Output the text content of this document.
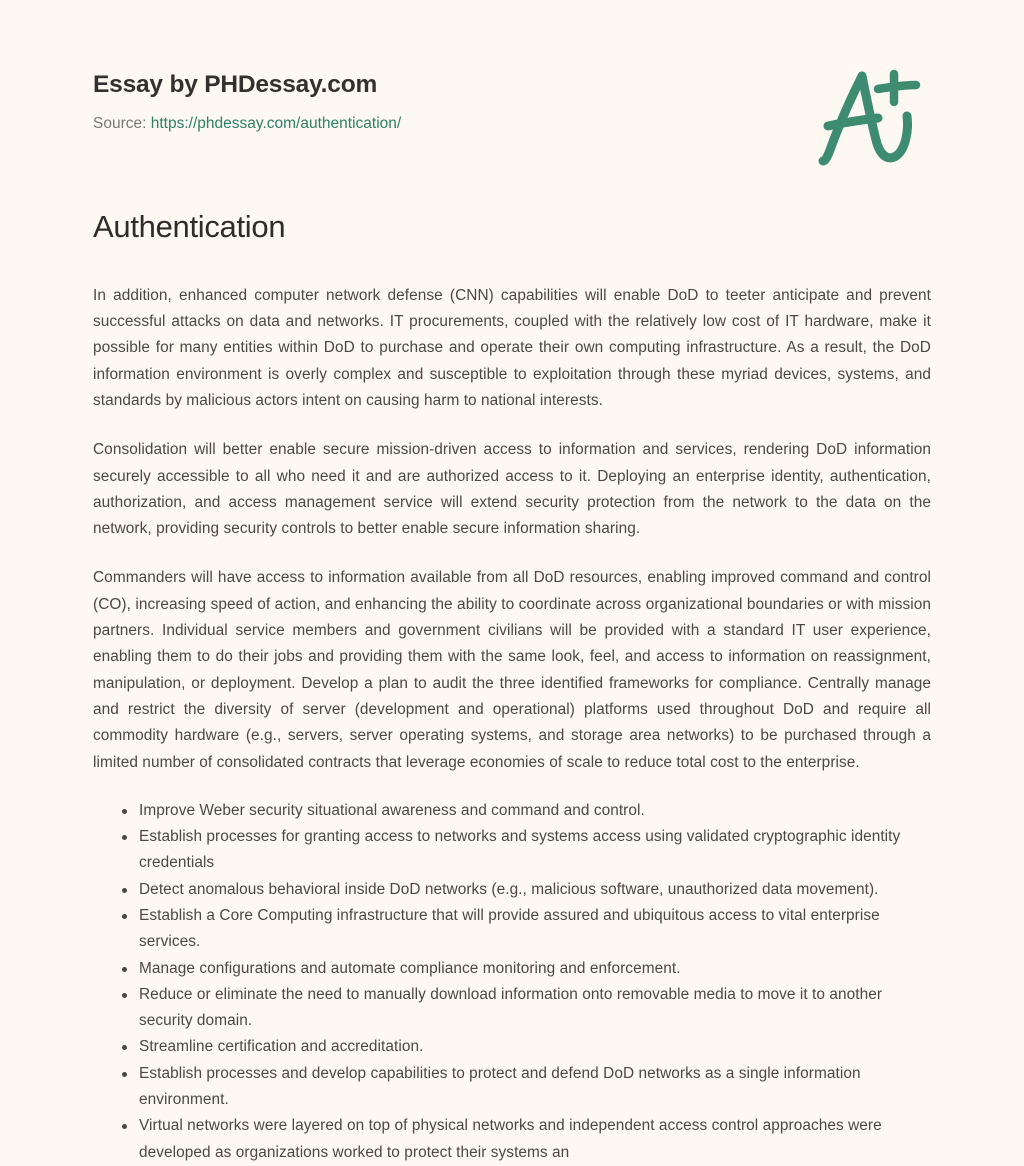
Essay by PHDessay.com
Source: https://phdessay.com/authentication/
Authentication

In addition, enhanced computer network defense (CNN) capabilities will enable DoD to teeter anticipate and prevent successful attacks on data and networks. IT procurements, coupled with the relatively low cost of IT hardware, make it possible for many entities within DoD to purchase and operate their own computing infrastructure. As a result, the DoD information environment is overly complex and susceptible to exploitation through these myriad devices, systems, and standards by malicious actors intent on causing harm to national interests.

Consolidation will better enable secure mission-driven access to information and services, rendering DoD information securely accessible to all who need it and are authorized access to it. Deploying an enterprise identity, authentication, authorization, and access management service will extend security protection from the network to the data on the network, providing security controls to better enable secure information sharing.

Commanders will have access to information available from all DoD resources, enabling improved command and control (CO), increasing speed of action, and enhancing the ability to coordinate across organizational boundaries or with mission partners. Individual service members and government civilians will be provided with a standard IT user experience, enabling them to do their jobs and providing them with the same look, feel, and access to information on reassignment, manipulation, or deployment. Develop a plan to audit the three identified frameworks for compliance. Centrally manage and restrict the diversity of server (development and operational) platforms used throughout DoD and require all commodity hardware (e.g., servers, server operating systems, and storage area networks) to be purchased through a limited number of consolidated contracts that leverage economies of scale to reduce total cost to the enterprise.

Improve Weber security situational awareness and command and control.
Establish processes for granting access to networks and systems access using validated cryptographic identity credentials
Detect anomalous behavioral inside DoD networks (e.g., malicious software, unauthorized data movement).
Establish a Core Computing infrastructure that will provide assured and ubiquitous access to vital enterprise services.
Manage configurations and automate compliance monitoring and enforcement.
Reduce or eliminate the need to manually download information onto removable media to move it to another security domain.
Streamline certification and accreditation.
Establish processes and develop capabilities to protect and defend DoD networks as a single information environment.
Virtual networks were layered on top of physical networks and independent access control approaches were developed as organizations worked to protect their systems an
